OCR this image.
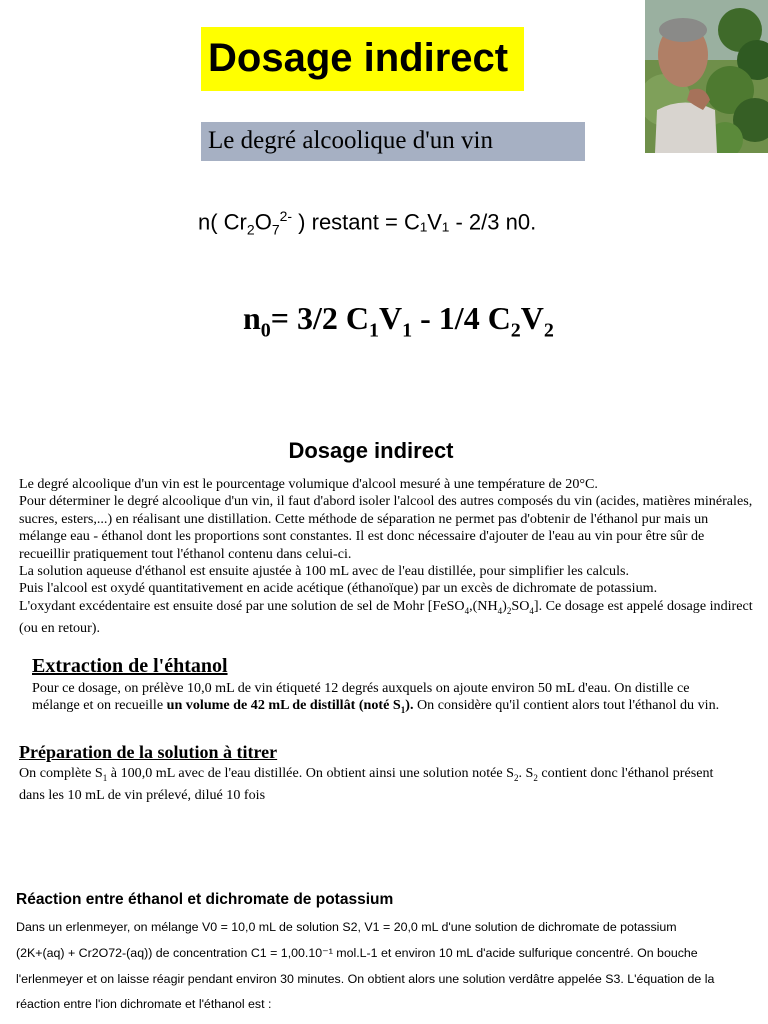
Dosage indirect
Le degré alcoolique d'un vin
n( $Cr_2O_7^{2-}$ ) restant = C₁V₁ - 2/3 n0.
$n_0= 3/2$ $C_1V_1 - 1/4$ $C_2V_2$
Dosage indirect

Le degré alcoolique d'un vin est le pourcentage volumique d'alcool mesuré à une température de 20°C.

Pour déterminer le degré alcoolique d'un vin, il faut d'abord isoler l'alcool des autres composés du vin (acides, matières minérales, sucres, esters,...) en réalisant une distillation. Cette méthode de séparation ne permet pas d'obtenir de l'éthanol pur mais un mélange eau - éthanol dont les proportions sont constantes. Il est donc nécessaire d'ajouter de l'eau au vin pour être sûr de recueillir pratiquement tout l'éthanol contenu dans celui-ci.

La solution aqueuse d'éthanol est ensuite ajustée à 100 mL avec de l'eau distillée, pour simplifier les calculs.

Puis l'alcool est oxydé quantitativement en acide acétique (éthanoïque) par un excès de dichromate de potassium.

L'oxydant excédentaire est ensuite dosé par une solution de sel de Mohr $[FeSO_4,(NH_4)_2SO_4]$. Ce dosage est appelé dosage indirect (ou en retour).

Extraction de l'éhtanol
Pour ce dosage, on prélève 10,0 mL de vin étiqueté 12 degrés auxquels on ajoute environ 50 mL d'eau. On distille ce mélange et on recueille un volume de 42 mL de distillât (noté $S_1$). On considère qu'il contient alors tout l'éthanol du vin.
Préparation de la solution à titrer
On complète $S_1$ à 100,0 mL avec de l'eau distillée. On obtient ainsi une solution notée $S_2$. $S_2$ contient donc l'éthanol présent dans les 10 mL de vin prélevé, dilué 10 fois
Réaction entre éthanol et dichromate de potassium
Dans un erlenmeyer, on mélange V0 = 10,0 mL de solution S2, V1 = 20,0 mL d'une solution de dichromate de potassium
(2K+(aq) + Cr2O72-(aq)) de concentration C1 = 1,00.10⁻¹ mol.L-1 et environ 10 mL d'acide sulfurique concentré. On bouche
l'erlenmeyer et on laisse réagir pendant environ 30 minutes. On obtient alors une solution verdâtre appelée S3. L'équation de la
réaction entre l'ion dichromate et l'éthanol est :
